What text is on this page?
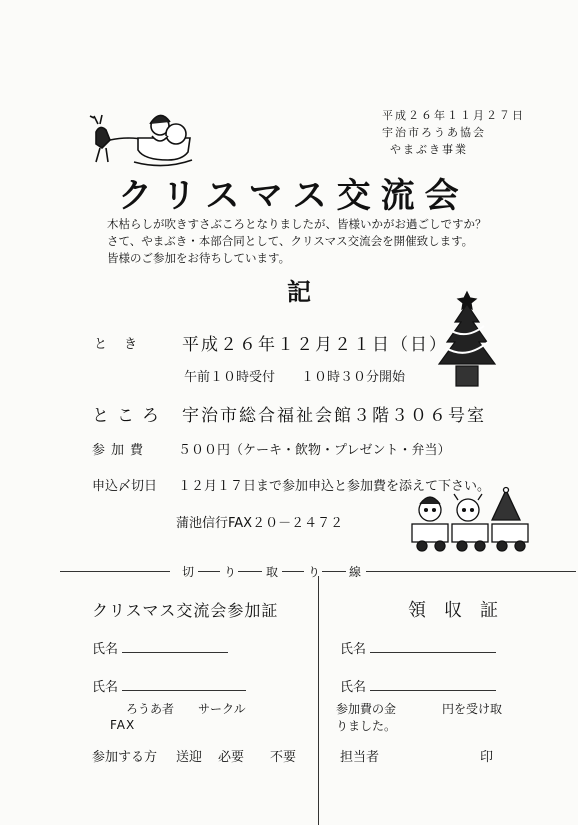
平成２６年１１月２７日
宇治市ろうあ協会
やまぶき事業
クリスマス交流会
木枯らしが吹きすさぶころとなりましたが、皆様いかがお過ごしですか？
さて、やまぶき・本部合同として、クリスマス交流会を開催致します。
皆様のご参加をお待ちしています。
記
と　き	平成２６年１２月２１日（日）
午前１０時受付　　１０時３０分開始
ところ 宇治市総合福祉会館３階３０６号室
参加費 ５００円（ケーキ・飲物・プレゼント・弁当）
申込〆切日 １２月１７日まで参加申込と参加費を添えて下さい。
蒲池信行FAX２０－２４７２
切 り 取 り 線
クリスマス交流会参加証
氏名
氏名
ろうあ者 サークル
FAX
参加する方 送迎 必要 不要
領　収　証
氏名
氏名
参加費の金	円を受け取
りました。
担当者	印
